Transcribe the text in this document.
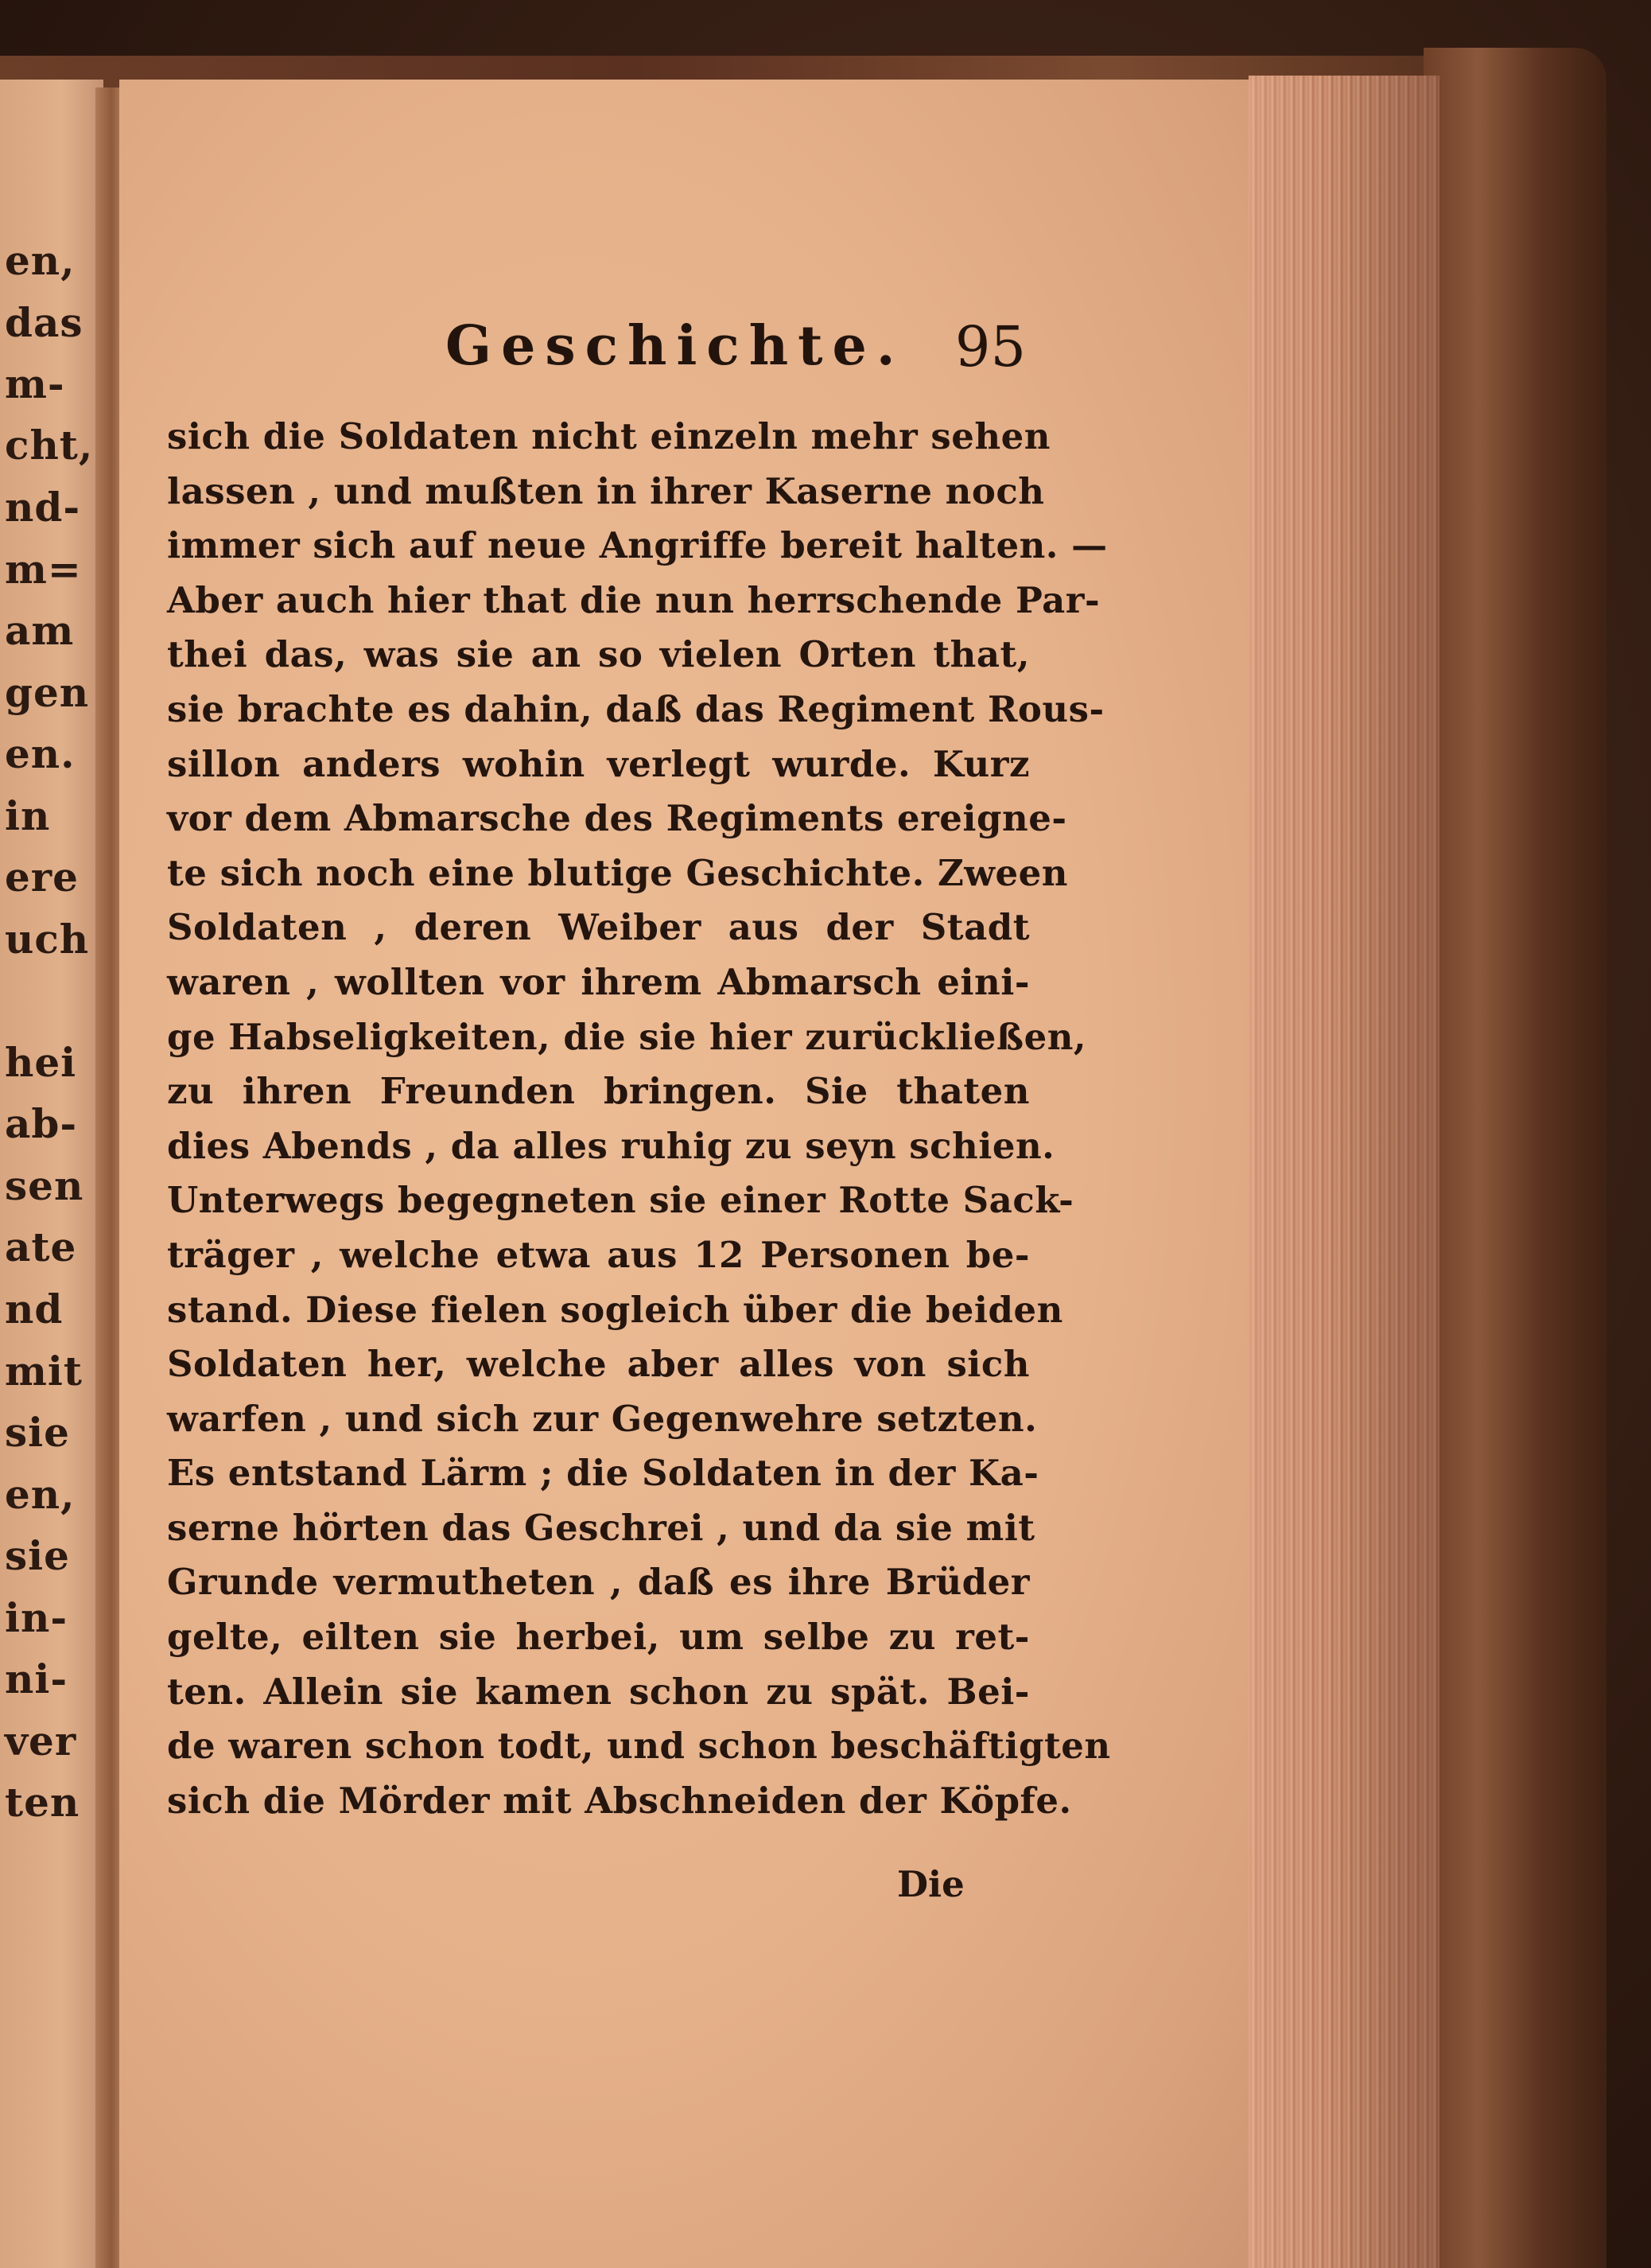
en,
das
m-
cht,
nd-
m=
am
gen
en.
in
ere
uch
hei
ab-
sen
ate
nd
mit
sie
en,
sie
in-
ni-
ver
ten
Geschichte. 95
sich die Soldaten nicht einzeln mehr sehen
lassen , und mußten in ihrer Kaserne noch
immer sich auf neue Angriffe bereit halten. —
Aber auch hier that die nun herrschende Par-
thei das, was sie an so vielen Orten that,
sie brachte es dahin, daß das Regiment Rous-
sillon anders wohin verlegt wurde. Kurz
vor dem Abmarsche des Regiments ereigne-
te sich noch eine blutige Geschichte. Zween
Soldaten , deren Weiber aus der Stadt
waren , wollten vor ihrem Abmarsch eini-
ge Habseligkeiten, die sie hier zurückließen,
zu ihren Freunden bringen. Sie thaten
dies Abends , da alles ruhig zu seyn schien.
Unterwegs begegneten sie einer Rotte Sack-
träger , welche etwa aus 12 Personen be-
stand. Diese fielen sogleich über die beiden
Soldaten her, welche aber alles von sich
warfen , und sich zur Gegenwehre setzten.
Es entstand Lärm ; die Soldaten in der Ka-
serne hörten das Geschrei , und da sie mit
Grunde vermutheten , daß es ihre Brüder
gelte, eilten sie herbei, um selbe zu ret-
ten. Allein sie kamen schon zu spät. Bei-
de waren schon todt, und schon beschäftigten
sich die Mörder mit Abschneiden der Köpfe.
Die
